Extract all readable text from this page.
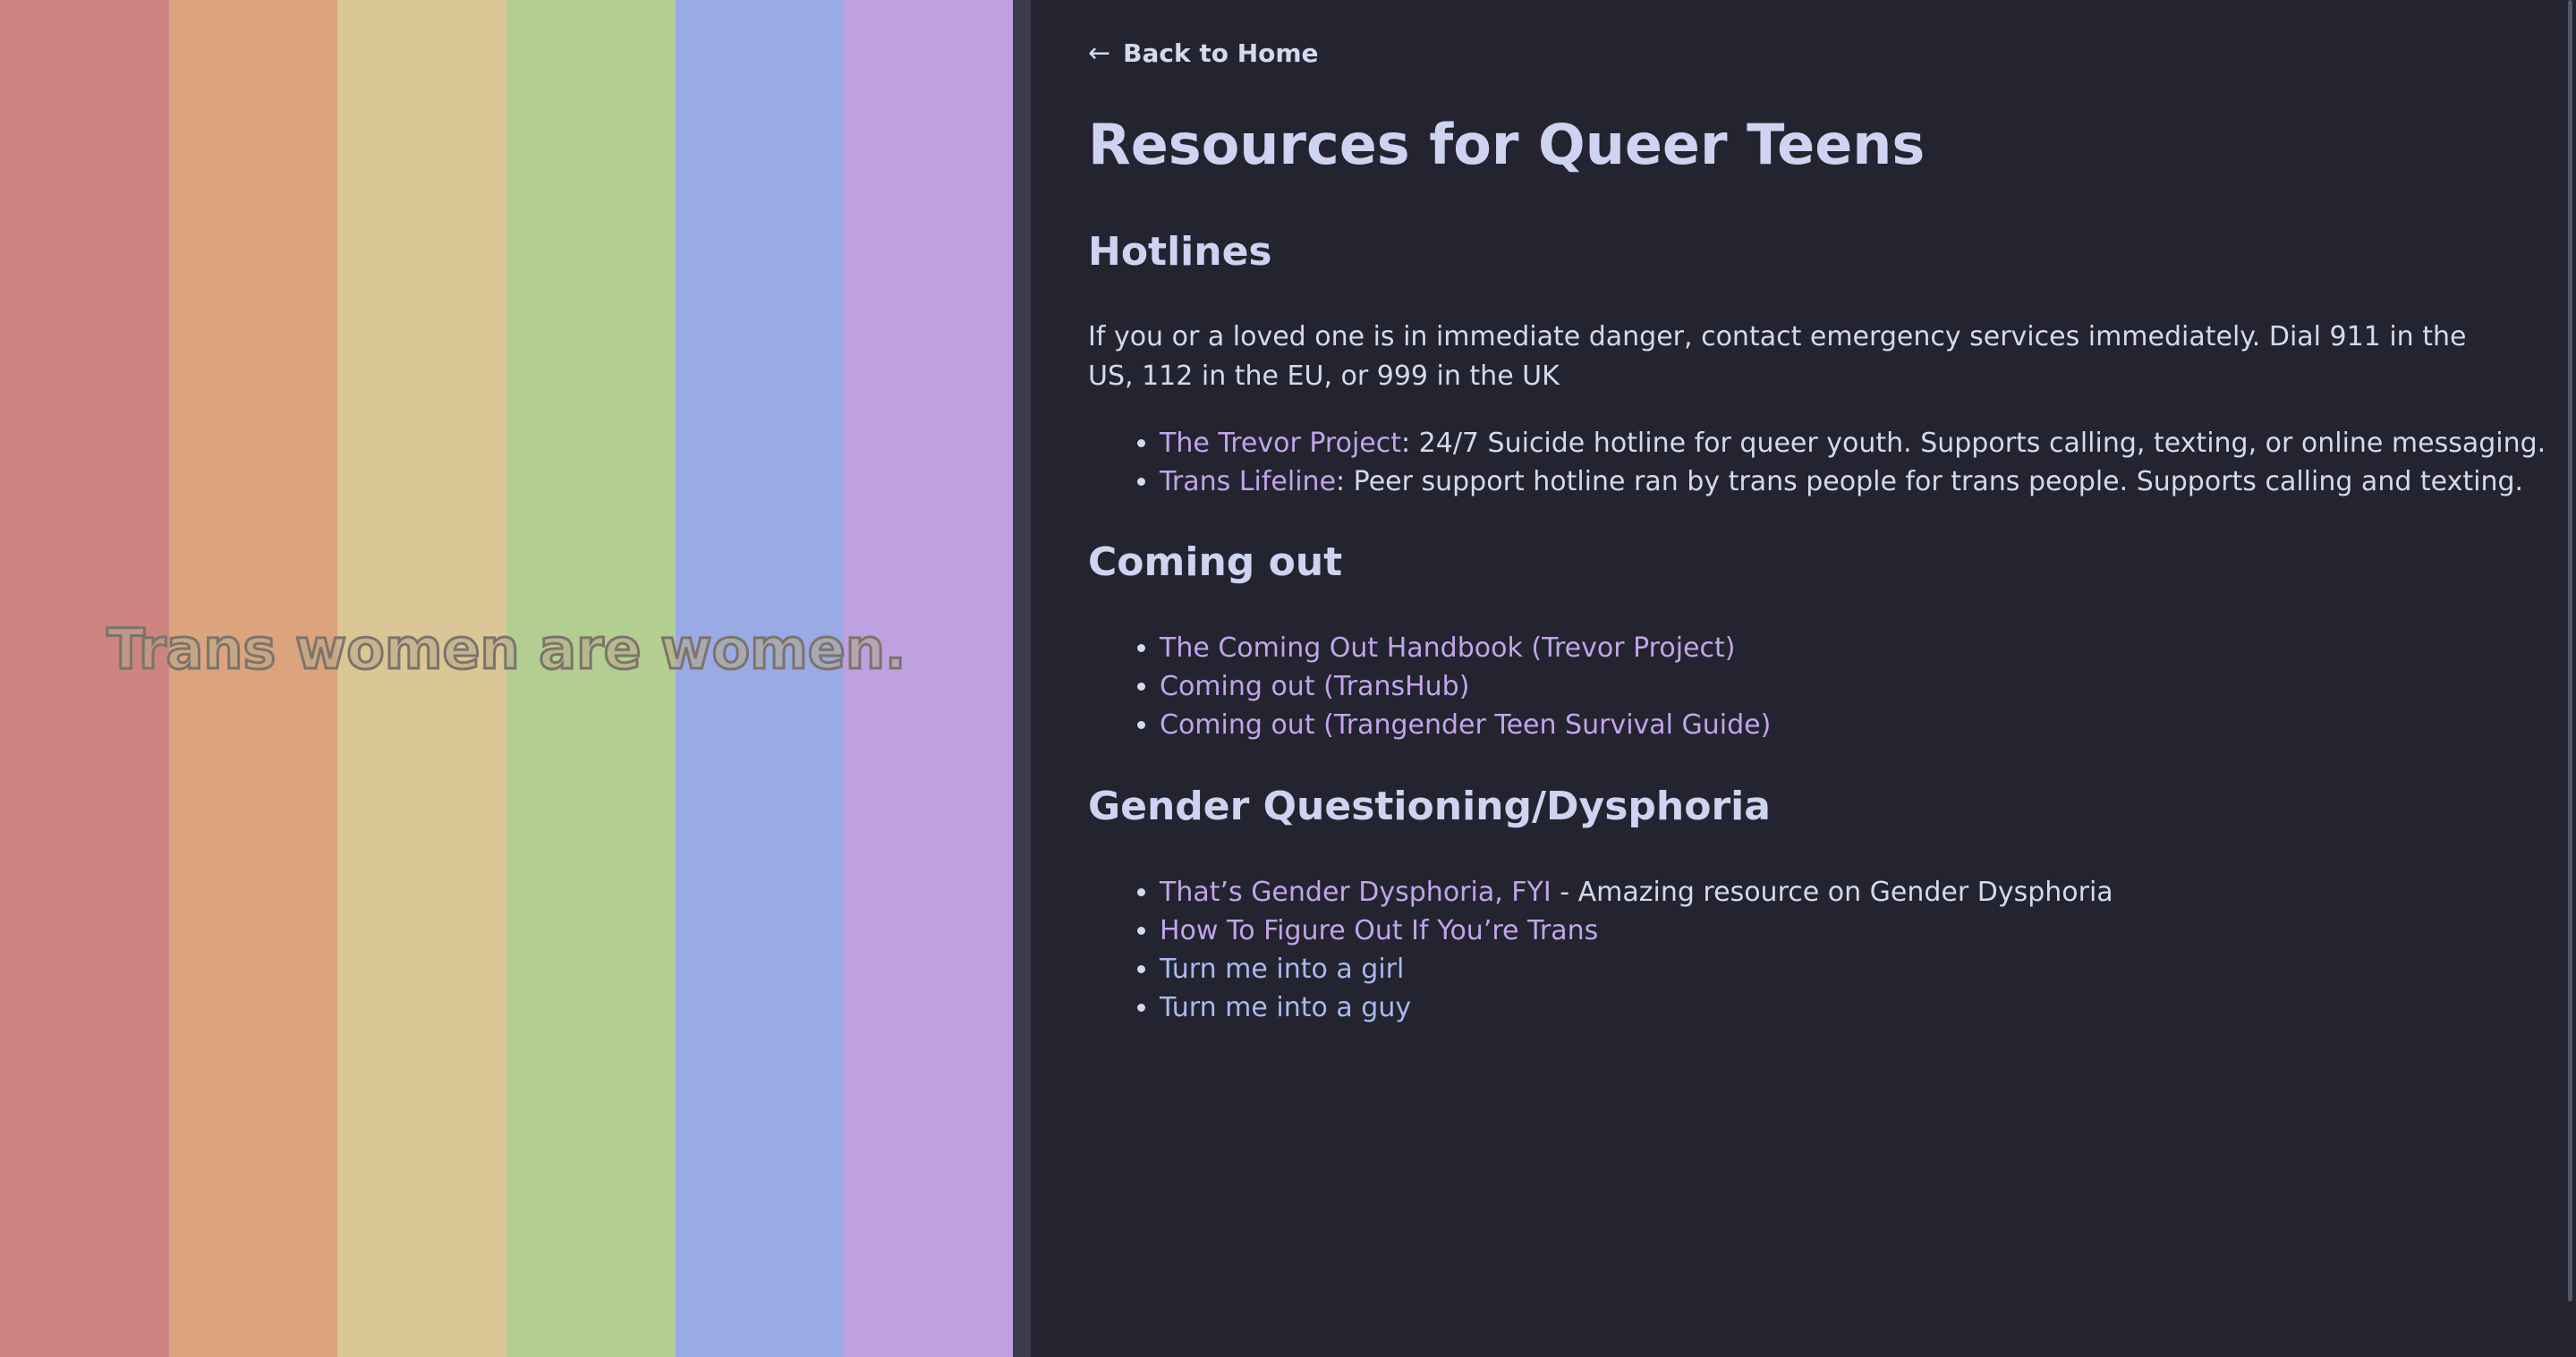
Trans women are women.
← Back to Home
Resources for Queer Teens
Hotlines

If you or a loved one is in immediate danger, contact emergency services immediately. Dial 911 in the US, 112 in the EU, or 999 in the UK

• The Trevor Project: 24/7 Suicide hotline for queer youth. Supports calling, texting, or online messaging.
• Trans Lifeline: Peer support hotline ran by trans people for trans people. Supports calling and texting.
Coming out
• The Coming Out Handbook (Trevor Project)
• Coming out (TransHub)
• Coming out (Trangender Teen Survival Guide)
Gender Questioning/Dysphoria
• That’s Gender Dysphoria, FYI - Amazing resource on Gender Dysphoria
• How To Figure Out If You’re Trans
• Turn me into a girl
• Turn me into a guy
